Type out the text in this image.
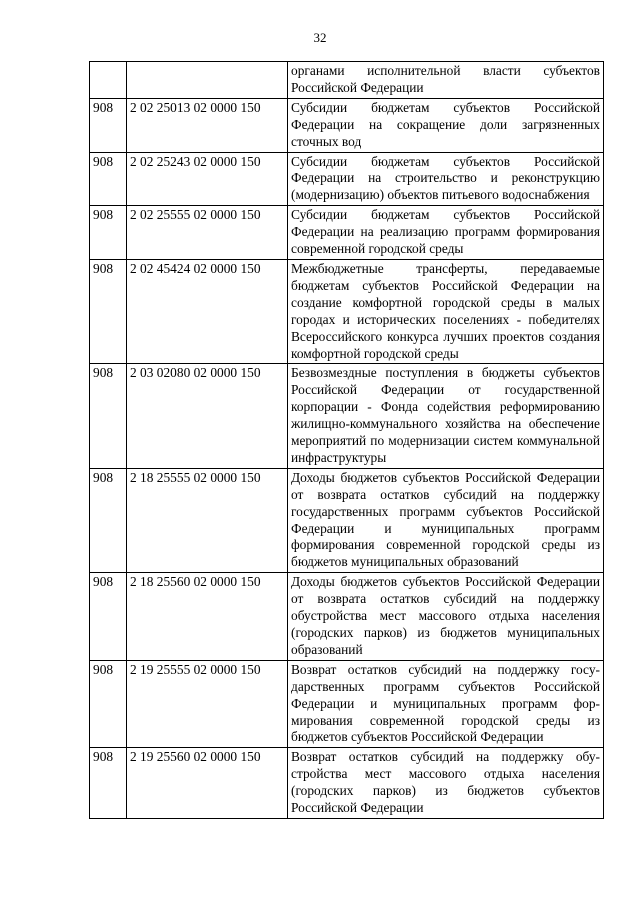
32
		органами исполнительной власти субъектов Российской Федерации
908	2 02 25013 02 0000 150	Субсидии бюджетам субъектов Российской Федерации на сокращение доли загрязненных сточных вод
908	2 02 25243 02 0000 150	Субсидии бюджетам субъектов Российской Федерации на строительство и реконструкцию (модернизацию) объектов питьевого водоснабжения
908	2 02 25555 02 0000 150	Субсидии бюджетам субъектов Российской Федерации на реализацию программ формирования современной городской среды
908	2 02 45424 02 0000 150	Межбюджетные трансферты, передаваемые бюджетам субъектов Российской Федерации на создание комфортной городской среды в малых городах и исторических поселениях - победителях Всероссийского конкурса лучших проектов создания комфортной городской среды
908	2 03 02080 02 0000 150	Безвозмездные поступления в бюджеты субъектов Российской Федерации от государственной корпорации - Фонда содействия реформированию жилищно-коммунального хозяйства на обеспечение мероприятий по модернизации систем коммунальной инфраструктуры
908	2 18 25555 02 0000 150	Доходы бюджетов субъектов Российской Федерации от возврата остатков субсидий на поддержку государственных программ субъектов Российской Федерации и муниципальных программ формирования современной городской среды из бюджетов муниципальных образований
908	2 18 25560 02 0000 150	Доходы бюджетов субъектов Российской Федерации от возврата остатков субсидий на поддержку обустройства мест массового отдыха населения (городских парков) из бюджетов муниципальных образований
908	2 19 25555 02 0000 150	Возврат остатков субсидий на поддержку государственных программ субъектов Российской Федерации и муниципальных программ формирования современной городской среды из бюджетов субъектов Российской Федерации
908	2 19 25560 02 0000 150	Возврат остатков субсидий на поддержку обустройства мест массового отдыха населения (городских парков) из бюджетов субъектов Российской Федерации
